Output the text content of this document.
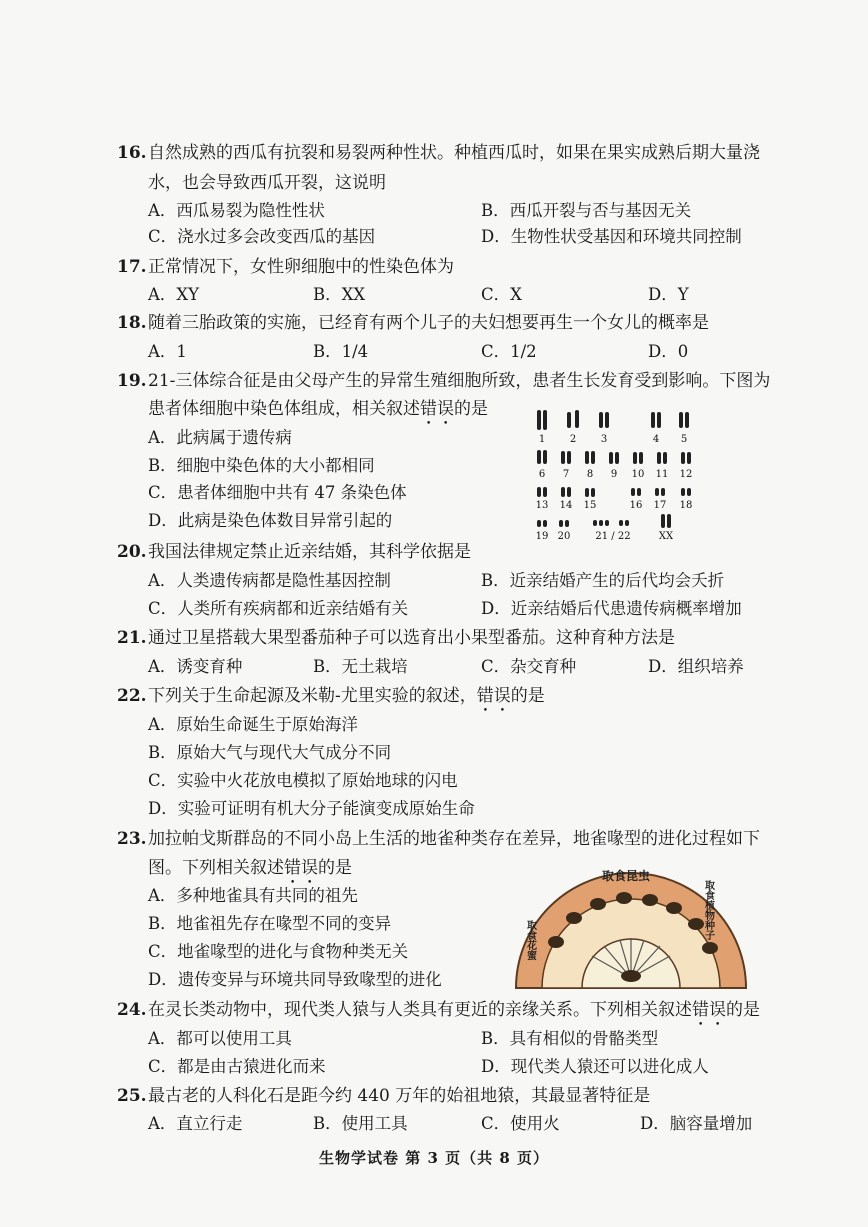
16. 自然成熟的西瓜有抗裂和易裂两种性状。种植西瓜时，如果在果实成熟后期大量浇
水，也会导致西瓜开裂，这说明
A．西瓜易裂为隐性性状	B．西瓜开裂与否与基因无关
C．浇水过多会改变西瓜的基因	D．生物性状受基因和环境共同控制
17. 正常情况下，女性卵细胞中的性染色体为
A．XY	B．XX	C．X	D．Y
18. 随着三胎政策的实施，已经育有两个儿子的夫妇想要再生一个女儿的概率是
A．1	B．1/4	C．1/2	D．0
19. 21-三体综合征是由父母产生的异常生殖细胞所致，患者生长发育受到影响。下图为
患者体细胞中染色体组成，相关叙述错误的是
A．此病属于遗传病
B．细胞中染色体的大小都相同
C．患者体细胞中共有 47 条染色体
D．此病是染色体数目异常引起的
1 2 3	4 5
6 7 8 9 10 11 12
13 14 15	16 17 18
19 20	21 / 22	XX
20. 我国法律规定禁止近亲结婚，其科学依据是
A．人类遗传病都是隐性基因控制	B．近亲结婚产生的后代均会夭折
C．人类所有疾病都和近亲结婚有关	D．近亲结婚后代患遗传病概率增加
21. 通过卫星搭载大果型番茄种子可以选育出小果型番茄。这种育种方法是
A．诱变育种	B．无土栽培	C．杂交育种	D．组织培养
22. 下列关于生命起源及米勒-尤里实验的叙述，错误的是
A．原始生命诞生于原始海洋
B．原始大气与现代大气成分不同
C．实验中火花放电模拟了原始地球的闪电
D．实验可证明有机大分子能演变成原始生命
23. 加拉帕戈斯群岛的不同小岛上生活的地雀种类存在差异，地雀喙型的进化过程如下
图。下列相关叙述错误的是
A．多种地雀具有共同的祖先
B．地雀祖先存在喙型不同的变异
C．地雀喙型的进化与食物种类无关
D．遗传变异与环境共同导致喙型的进化
取食昆虫
取食植物种子
取食花蜜
24. 在灵长类动物中，现代类人猿与人类具有更近的亲缘关系。下列相关叙述错误的是
A．都可以使用工具	B．具有相似的骨骼类型
C．都是由古猿进化而来	D．现代类人猿还可以进化成人
25. 最古老的人科化石是距今约 440 万年的始祖地猿，其最显著特征是
A．直立行走	B．使用工具	C．使用火	D．脑容量增加
生物学试卷 第 3 页（共 8 页）
